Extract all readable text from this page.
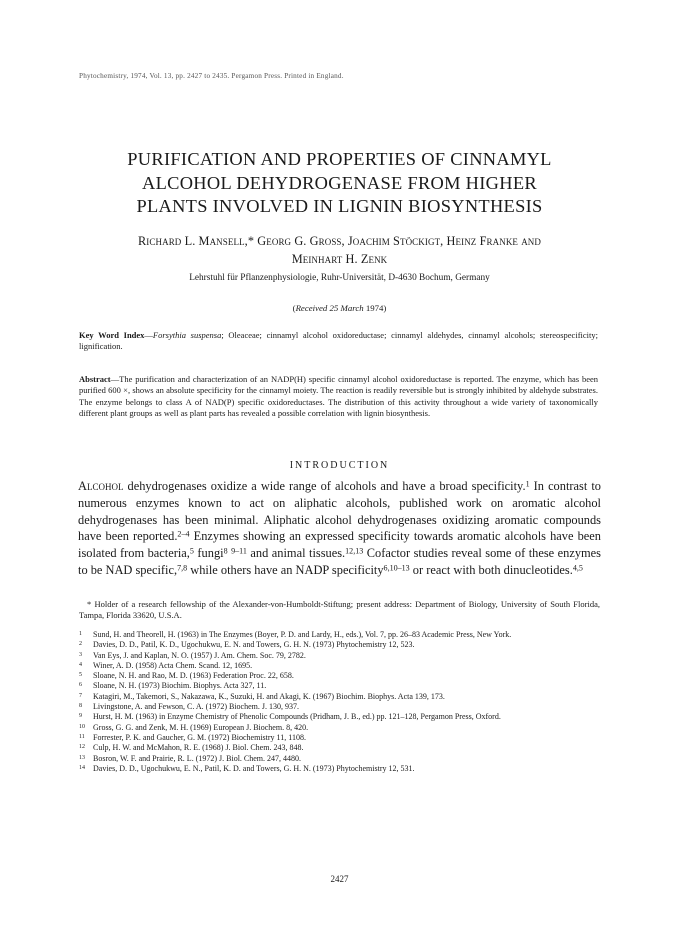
Phytochemistry, 1974, Vol. 13, pp. 2427 to 2435. Pergamon Press. Printed in England.
PURIFICATION AND PROPERTIES OF CINNAMYL
ALCOHOL DEHYDROGENASE FROM HIGHER
PLANTS INVOLVED IN LIGNIN BIOSYNTHESIS
Richard L. Mansell,* Georg G. Gross, Joachim Stöckigt, Heinz Franke and
Meinhart H. Zenk
Lehrstuhl für Pflanzenphysiologie, Ruhr-Universität, D-4630 Bochum, Germany
(Received 25 March 1974)
Key Word Index—Forsythia suspensa; Oleaceae; cinnamyl alcohol oxidoreductase; cinnamyl aldehydes, cinnamyl alcohols; stereospecificity; lignification.
Abstract—The purification and characterization of an NADP(H) specific cinnamyl alcohol oxidoreductase is reported. The enzyme, which has been purified 600 ×, shows an absolute specificity for the cinnamyl moiety. The reaction is readily reversible but is strongly inhibited by aldehyde substrates. The enzyme belongs to class A of NAD(P) specific oxidoreductases. The distribution of this activity throughout a wide variety of taxonomically different plant groups as well as plant parts has revealed a possible correlation with lignin biosynthesis.
INTRODUCTION
Alcohol dehydrogenases oxidize a wide range of alcohols and have a broad specificity.$^1$ In contrast to numerous enzymes known to act on aliphatic alcohols, published work on aromatic alcohol dehydrogenases has been minimal. Aliphatic alcohol dehydrogenases oxidizing aromatic compounds have been reported.$^{2-4}$ Enzymes showing an expressed specificity towards aromatic alcohols have been isolated from bacteria,$^5$ fungi$^8$ $^{9-11}$ and animal tissues.$^{12,13}$ Cofactor studies reveal some of these enzymes to be NAD specific,$^{7,8}$ while others have an NADP specificity$^{6,10-13}$ or react with both dinucleotides.$^{4,5}$
* Holder of a research fellowship of the Alexander-von-Humboldt-Stiftung; present address: Department of Biology, University of South Florida, Tampa, Florida 33620, U.S.A.
1 Sund, H. and Theorell, H. (1963) in The Enzymes (Boyer, P. D. and Lardy, H., eds.), Vol. 7, pp. 26–83 Academic Press, New York.
2 Davies, D. D., Patil, K. D., Ugochukwu, E. N. and Towers, G. H. N. (1973) Phytochemistry 12, 523.
3 Van Eys, J. and Kaplan, N. O. (1957) J. Am. Chem. Soc. 79, 2782.
4 Winer, A. D. (1958) Acta Chem. Scand. 12, 1695.
5 Sloane, N. H. and Rao, M. D. (1963) Federation Proc. 22, 658.
6 Sloane, N. H. (1973) Biochim. Biophys. Acta 327, 11.
7 Katagiri, M., Takemori, S., Nakazawa, K., Suzuki, H. and Akagi, K. (1967) Biochim. Biophys. Acta 139, 173.
8 Livingstone, A. and Fewson, C. A. (1972) Biochem. J. 130, 937.
9 Hurst, H. M. (1963) in Enzyme Chemistry of Phenolic Compounds (Pridham, J. B., ed.) pp. 121–128, Pergamon Press, Oxford.
10 Gross, G. G. and Zenk, M. H. (1969) European J. Biochem. 8, 420.
11 Forrester, P. K. and Gaucher, G. M. (1972) Biochemistry 11, 1108.
12 Culp, H. W. and McMahon, R. E. (1968) J. Biol. Chem. 243, 848.
13 Bosron, W. F. and Prairie, R. L. (1972) J. Biol. Chem. 247, 4480.
14 Davies, D. D., Ugochukwu, E. N., Patil, K. D. and Towers, G. H. N. (1973) Phytochemistry 12, 531.
2427
